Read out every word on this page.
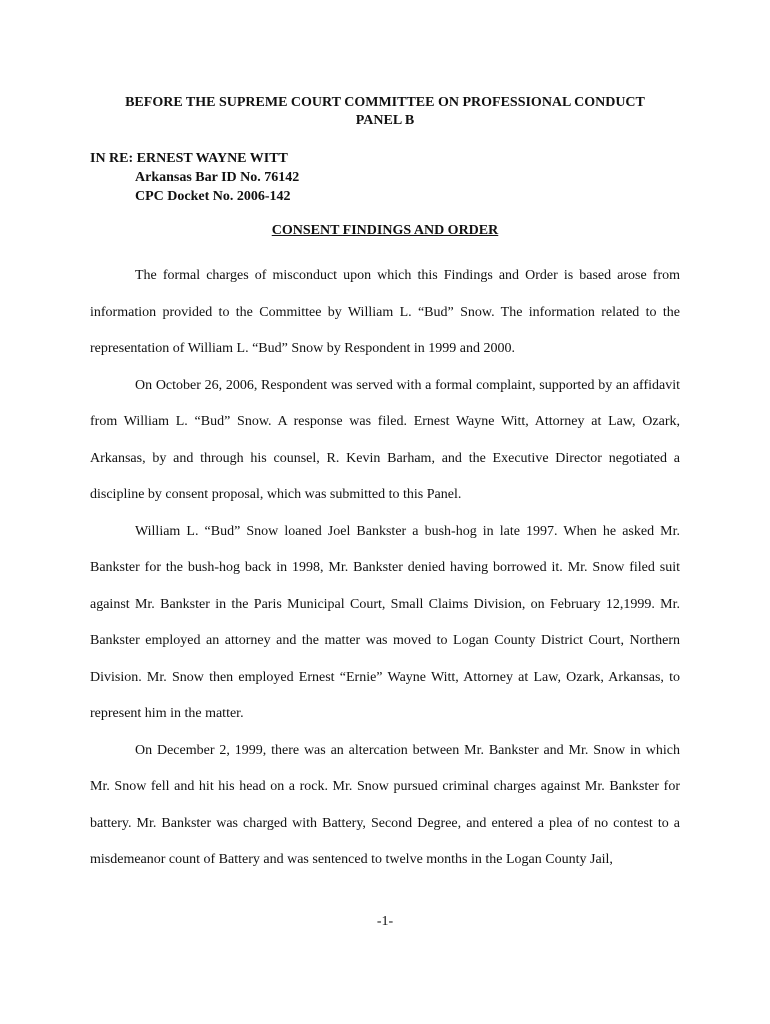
BEFORE THE SUPREME COURT COMMITTEE ON PROFESSIONAL CONDUCT
PANEL B
IN RE: ERNEST WAYNE WITT
Arkansas Bar ID No. 76142
CPC Docket No. 2006-142
CONSENT FINDINGS AND ORDER

The formal charges of misconduct upon which this Findings and Order is based arose from information provided to the Committee by William L. “Bud” Snow. The information related to the representation of William L. “Bud” Snow by Respondent in 1999 and 2000.

On October 26, 2006, Respondent was served with a formal complaint, supported by an affidavit from William L. “Bud” Snow. A response was filed. Ernest Wayne Witt, Attorney at Law, Ozark, Arkansas, by and through his counsel, R. Kevin Barham, and the Executive Director negotiated a discipline by consent proposal, which was submitted to this Panel.

William L. “Bud” Snow loaned Joel Bankster a bush-hog in late 1997. When he asked Mr. Bankster for the bush-hog back in 1998, Mr. Bankster denied having borrowed it. Mr. Snow filed suit against Mr. Bankster in the Paris Municipal Court, Small Claims Division, on February 12,1999. Mr. Bankster employed an attorney and the matter was moved to Logan County District Court, Northern Division. Mr. Snow then employed Ernest “Ernie” Wayne Witt, Attorney at Law, Ozark, Arkansas, to represent him in the matter.

On December 2, 1999, there was an altercation between Mr. Bankster and Mr. Snow in which Mr. Snow fell and hit his head on a rock. Mr. Snow pursued criminal charges against Mr. Bankster for battery. Mr. Bankster was charged with Battery, Second Degree, and entered a plea of no contest to a misdemeanor count of Battery and was sentenced to twelve months in the Logan County Jail,

-1-
